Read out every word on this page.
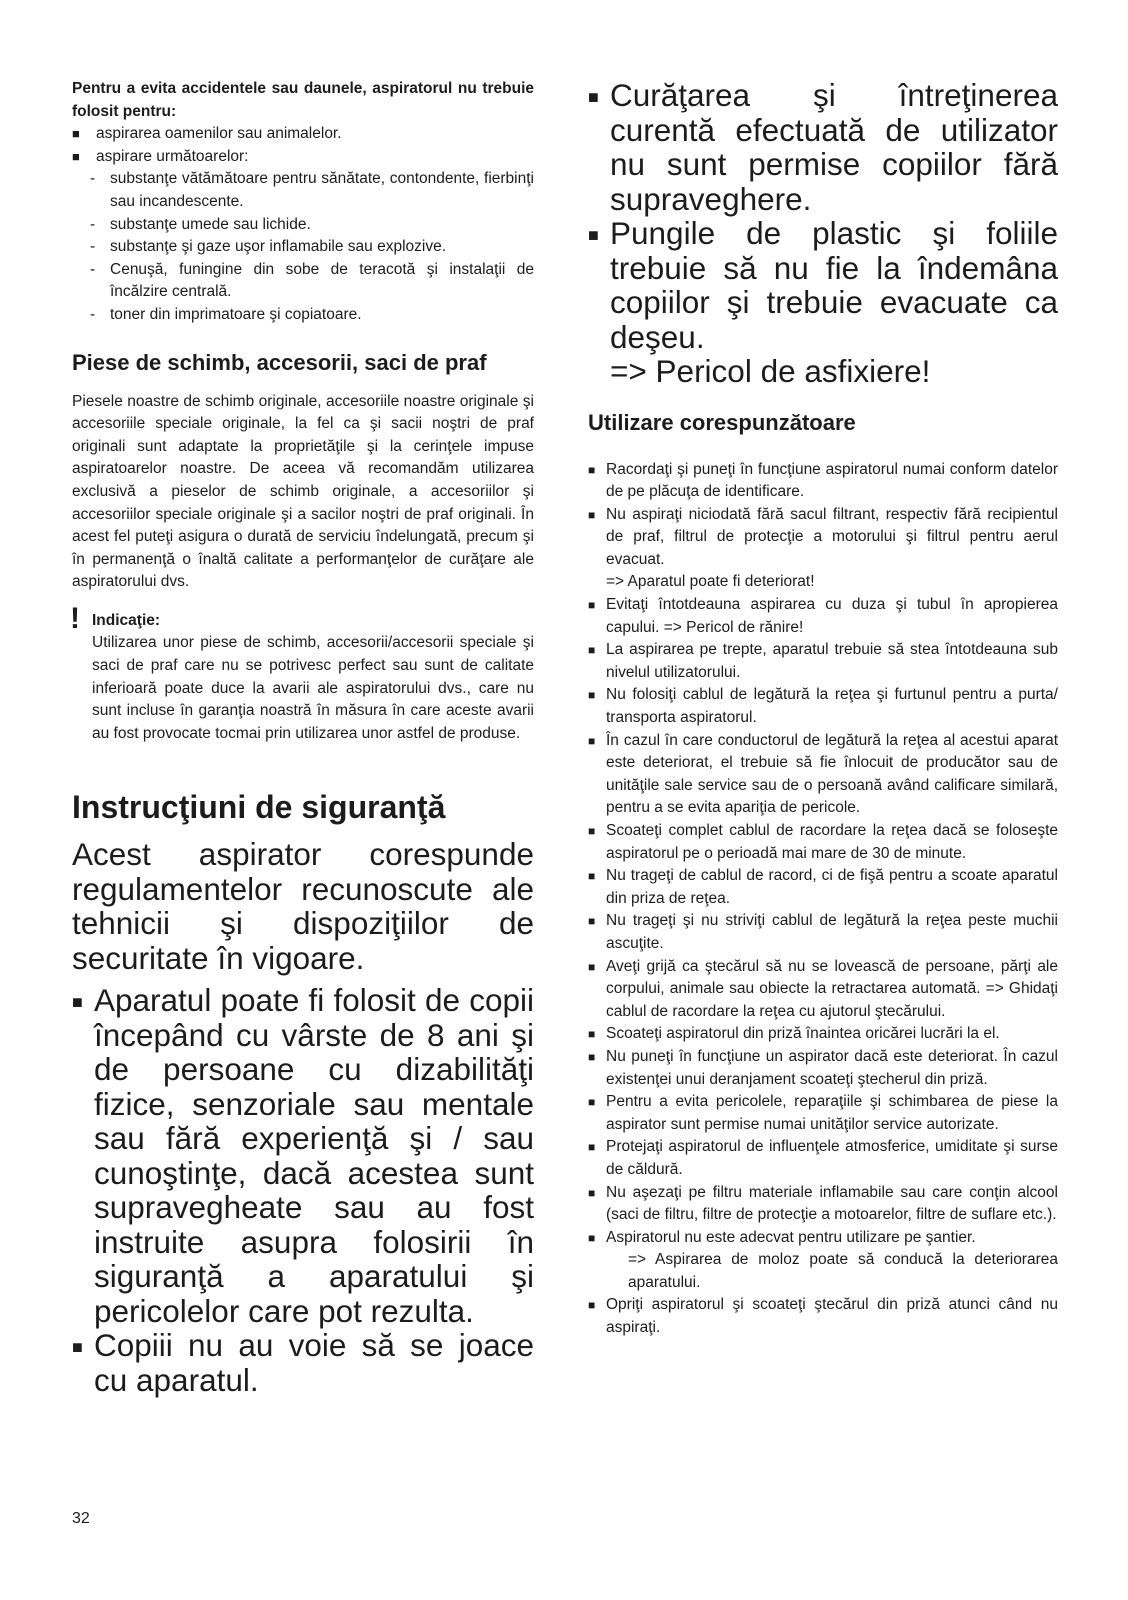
Pentru a evita accidentele sau daunele, aspiratorul nu trebuie folosit pentru:

■ aspirarea oamenilor sau animalelor.
■ aspirare următoarelor:
- substanţe vătămătoare pentru sănătate, contondente, fierbinţi sau incandescente.
- substanţe umede sau lichide.
- substanţe şi gaze uşor inflamabile sau explozive.
- Cenuşă, funingine din sobe de teracotă şi instalaţii de încălzire centrală.
- toner din imprimatoare şi copiatoare.
Piese de schimb, accesorii, saci de praf

Piesele noastre de schimb originale, accesoriile noastre originale şi accesoriile speciale originale, la fel ca şi sacii noştri de praf originali sunt adaptate la proprietăţile şi la cerinţele impuse aspiratoarelor noastre. De aceea vă recomandăm utilizarea exclusivă a pieselor de schimb originale, a accesoriilor şi accesoriilor speciale originale şi a sacilor noştri de praf originali. În acest fel puteţi asigura o durată de serviciu îndelungată, precum şi în permanenţă o înaltă calitate a performanţelor de curăţare ale aspiratorului dvs.

! Indicaţie:

Utilizarea unor piese de schimb, accesorii/accesorii speciale şi saci de praf care nu se potrivesc perfect sau sunt de calitate inferioară poate duce la avarii ale aspiratorului dvs., care nu sunt incluse în garanţia noastră în măsura în care aceste avarii au fost provocate tocmai prin utilizarea unor astfel de produse.

Instrucţiuni de siguranţă

Acest aspirator corespunde regulamentelor recunoscute ale tehnicii şi dispoziţiilor de securitate în vigoare.

■ Aparatul poate fi folosit de copii începând cu vârste de 8 ani şi de persoane cu dizabilităţi fizice, senzoriale sau mentale sau fără experienţă şi / sau cunoştinţe, dacă acestea sunt supravegheate sau au fost instruite asupra folosirii în siguranţă a aparatului şi pericolelor care pot rezulta.
■ Copiii nu au voie să se joace cu aparatul.
■ Curăţarea şi întreţinerea curentă efectuată de utilizator nu sunt permise copiilor fără supraveghere.
■ Pungile de plastic şi foliile trebuie să nu fie la îndemâna copiilor şi trebuie evacuate ca deşeu.
=> Pericol de asfixiere!
Utilizare corespunzătoare
■ Racordaţi şi puneţi în funcţiune aspiratorul numai conform datelor de pe plăcuţa de identificare.
■ Nu aspiraţi niciodată fără sacul filtrant, respectiv fără recipientul de praf, filtrul de protecţie a motorului şi filtrul pentru aerul evacuat.
=> Aparatul poate fi deteriorat!
■ Evitaţi întotdeauna aspirarea cu duza şi tubul în apropierea capului. => Pericol de rănire!
■ La aspirarea pe trepte, aparatul trebuie să stea întotdeauna sub nivelul utilizatorului.
■ Nu folosiţi cablul de legătură la reţea şi furtunul pentru a purta/ transporta aspiratorul.
■ În cazul în care conductorul de legătură la reţea al acestui aparat este deteriorat, el trebuie să fie înlocuit de producător sau de unităţile sale service sau de o persoană având calificare similară, pentru a se evita apariţia de pericole.
■ Scoateţi complet cablul de racordare la reţea dacă se foloseşte aspiratorul pe o perioadă mai mare de 30 de minute.
■ Nu trageţi de cablul de racord, ci de fişă pentru a scoate aparatul din priza de reţea.
■ Nu trageţi şi nu striviţi cablul de legătură la reţea peste muchii ascuţite.
■ Aveţi grijă ca ştecărul să nu se lovească de persoane, părţi ale corpului, animale sau obiecte la retractarea automată. => Ghidaţi cablul de racordare la reţea cu ajutorul ştecărului.
■ Scoateţi aspiratorul din priză înaintea oricărei lucrări la el.
■ Nu puneţi în funcţiune un aspirator dacă este deteriorat. În cazul existenţei unui deranjament scoateţi ştecherul din priză.
■ Pentru a evita pericolele, reparaţiile şi schimbarea de piese la aspirator sunt permise numai unităţilor service autorizate.
■ Protejaţi aspiratorul de influenţele atmosferice, umiditate şi surse de căldură.
■ Nu aşezaţi pe filtru materiale inflamabile sau care conţin alcool (saci de filtru, filtre de protecţie a motoarelor, filtre de suflare etc.).
■ Aspiratorul nu este adecvat pentru utilizare pe şantier.
=> Aspirarea de moloz poate să conducă la deteriorarea aparatului.
■ Opriţi aspiratorul şi scoateţi ştecărul din priză atunci când nu aspiraţi.
32
